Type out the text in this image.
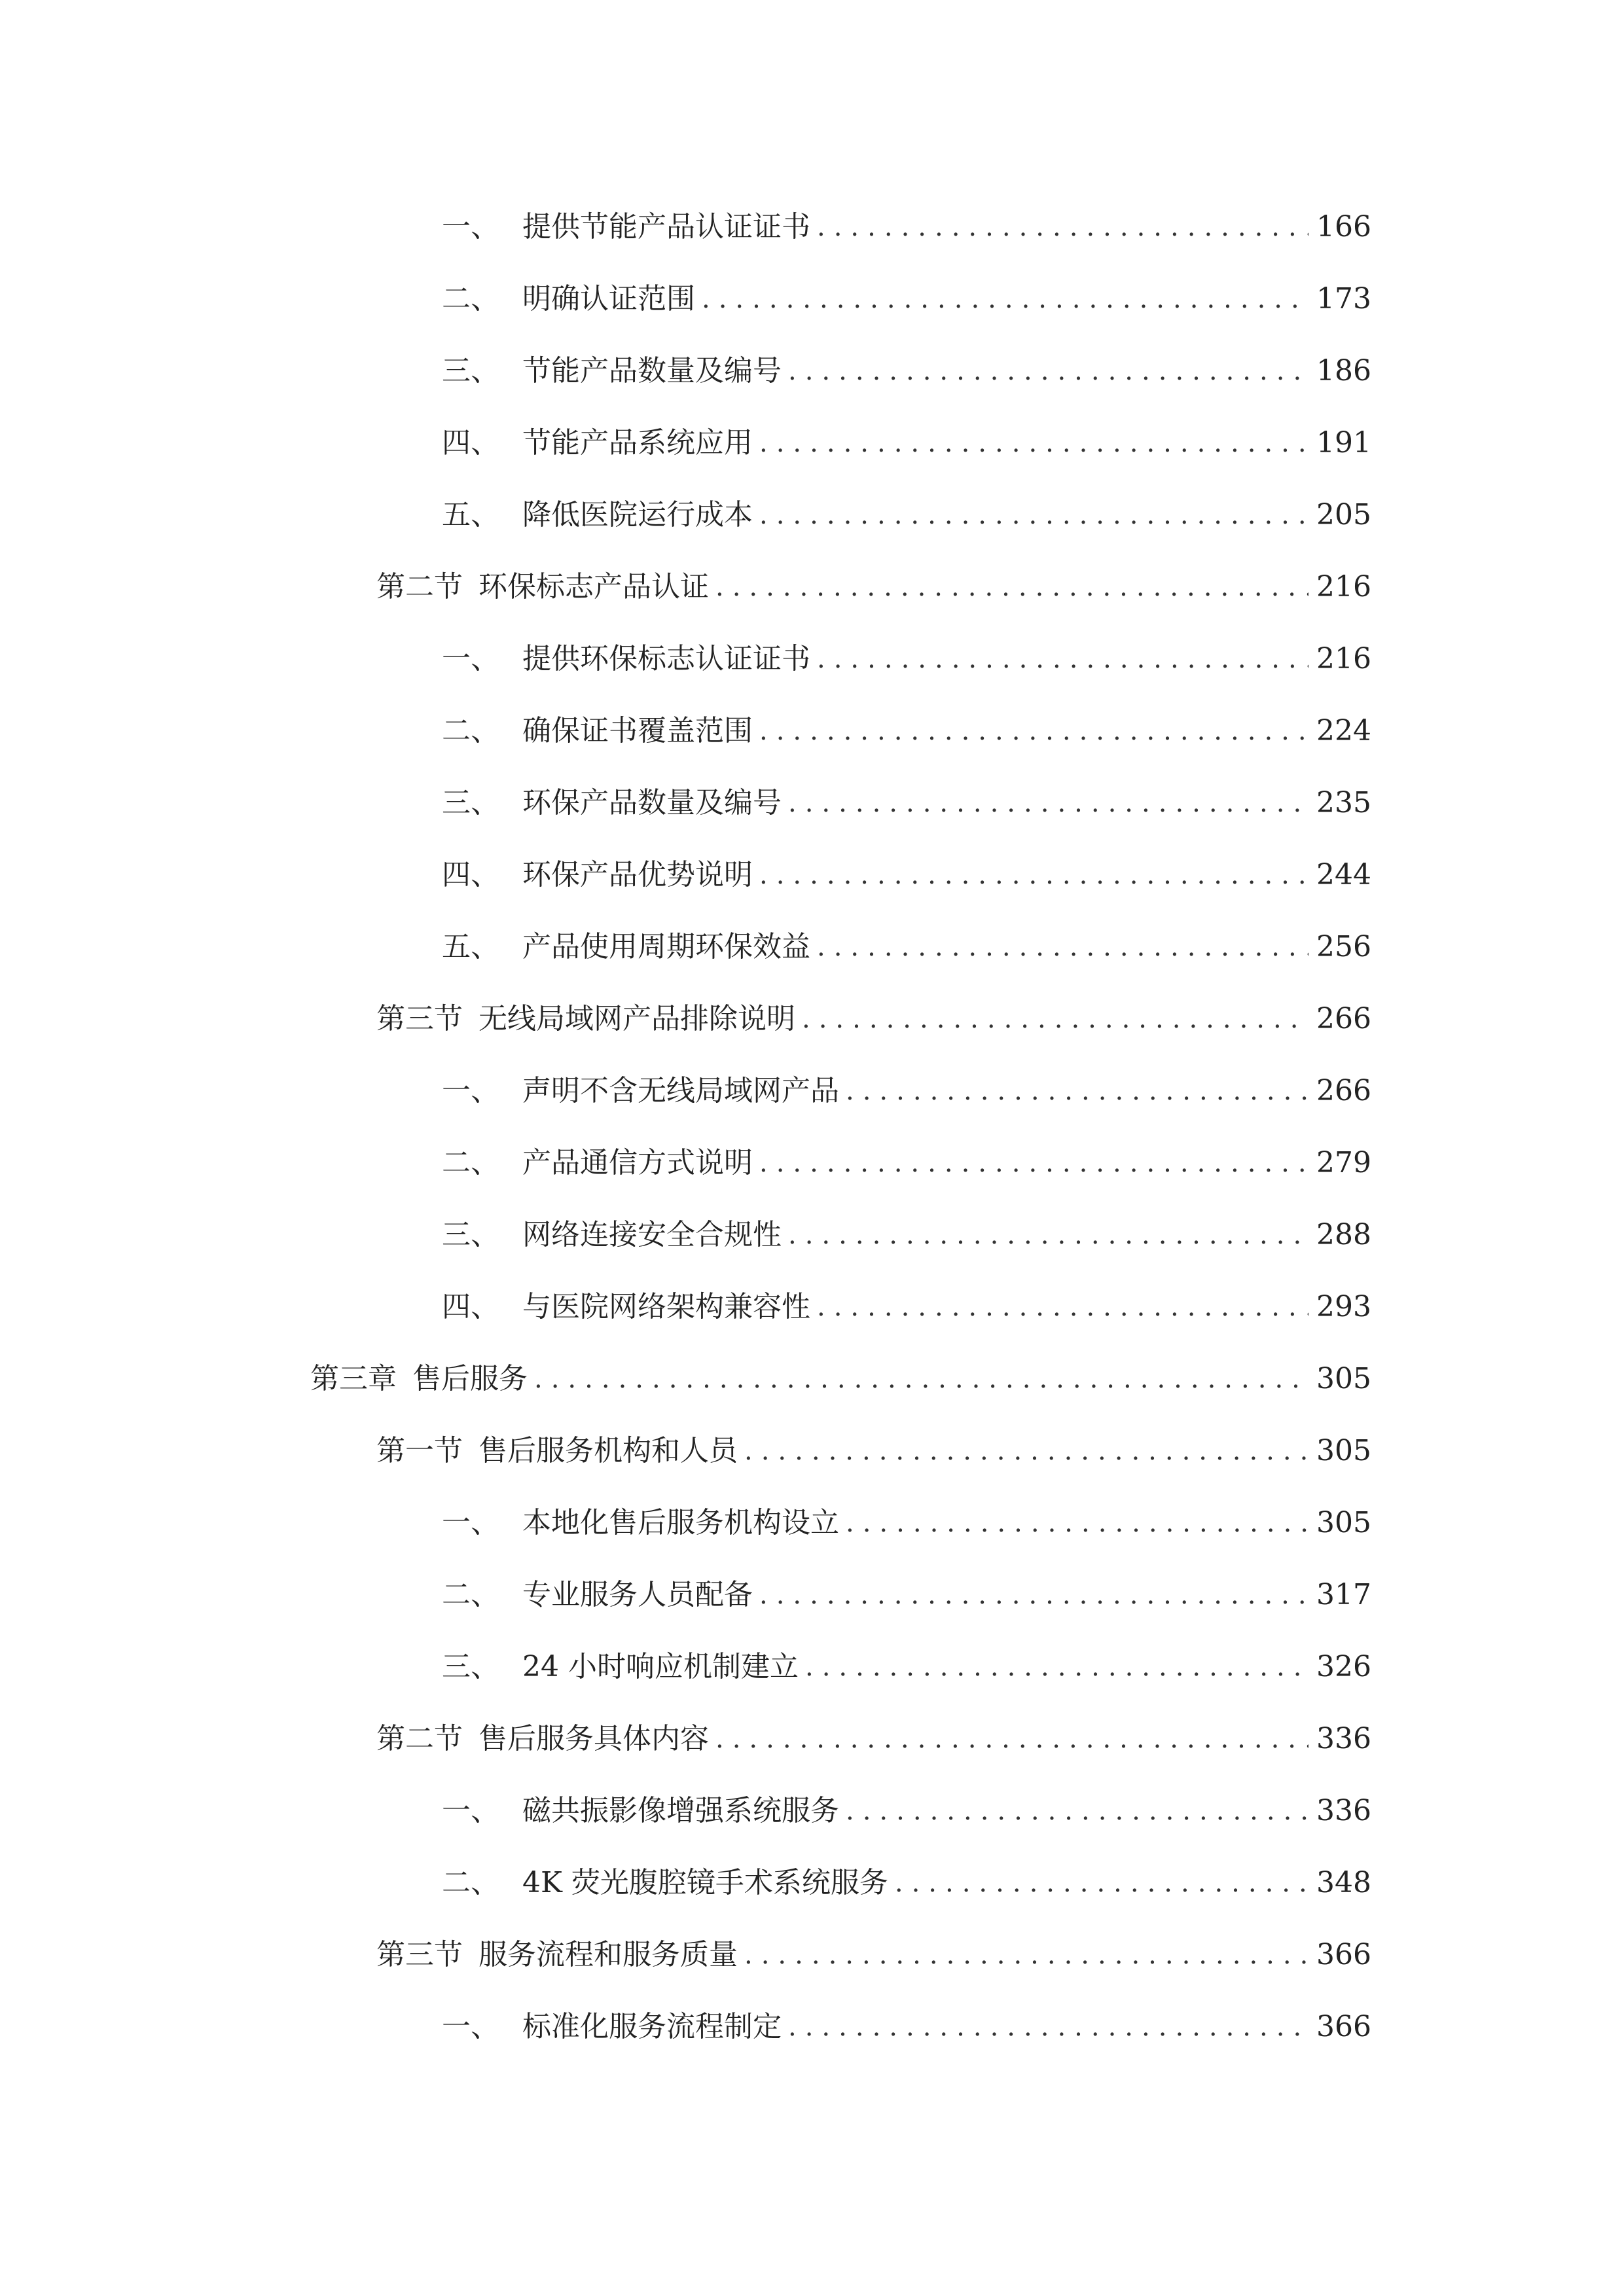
一、 提供节能产品认证证书 .....	166
二、 明确认证范围 .....	173
三、 节能产品数量及编号 .....	186
四、 节能产品系统应用 .....	191
五、 降低医院运行成本 .....	205
第二节 环保标志产品认证 .....	216
一、 提供环保标志认证证书 .....	216
二、 确保证书覆盖范围 .....	224
三、 环保产品数量及编号 .....	235
四、 环保产品优势说明 .....	244
五、 产品使用周期环保效益 .....	256
第三节 无线局域网产品排除说明 .....	266
一、 声明不含无线局域网产品 .....	266
二、 产品通信方式说明 .....	279
三、 网络连接安全合规性 .....	288
四、 与医院网络架构兼容性 .....	293
第三章 售后服务 .....	305
第一节 售后服务机构和人员 .....	305
一、 本地化售后服务机构设立 .....	305
二、 专业服务人员配备 .....	317
三、 24 小时响应机制建立 .....	326
第二节 售后服务具体内容 .....	336
一、 磁共振影像增强系统服务 .....	336
二、 4K 荧光腹腔镜手术系统服务 .....	348
第三节 服务流程和服务质量 .....	366
一、 标准化服务流程制定 .....	366
